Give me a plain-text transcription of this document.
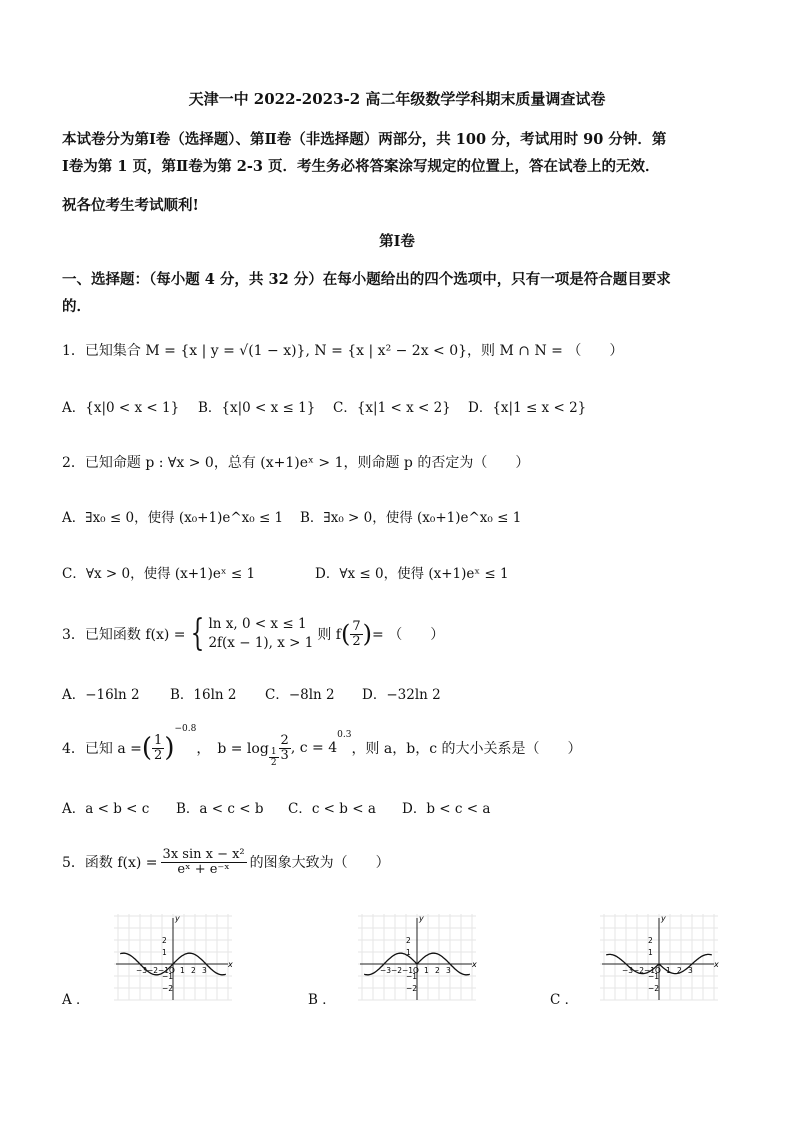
天津一中 2022-2023-2 高二年级数学学科期末质量调查试卷
本试卷分为第Ⅰ卷（选择题）、第Ⅱ卷（非选择题）两部分，共 100 分，考试用时 90 分钟．第
Ⅰ卷为第 1 页，第Ⅱ卷为第 2-3 页．考生务必将答案涂写规定的位置上，答在试卷上的无效．
祝各位考生考试顺利!
第Ⅰ卷
一、选择题：（每小题 4 分，共 32 分）在每小题给出的四个选项中，只有一项是符合题目要求
的．
1．已知集合 M = {x | y = √(1 − x)}, N = {x | x² − 2x < 0}，则 M ∩ N = （　　）
A．{x|0 < x < 1} B．{x|0 < x ≤ 1} C．{x|1 < x < 2} D．{x|1 ≤ x < 2}
2．已知命题 p : ∀x > 0，总有 (x+1)eˣ > 1，则命题 p 的否定为（　　）
A．∃x₀ ≤ 0，使得 (x₀+1)e^x₀ ≤ 1 B．∃x₀ > 0，使得 (x₀+1)e^x₀ ≤ 1
C．∀x > 0，使得 (x+1)eˣ ≤ 1	D．∀x ≤ 0，使得 (x+1)eˣ ≤ 1
3．已知函数 f(x) = { ln x, 0 < x ≤ 1
2f(x − 1), x > 1 则 f ( $\frac{7}{2}$ ) = （　　）
A．−16ln 2 B．16ln 2 C．−8ln 2 D．−32ln 2
4．已知 a = ( $\frac{1}{2}$ )
−0.8
，　$b = \log \frac{1}{2} \frac{2}{3}$ , c = 4
0.3
，则 a，b，c 的大小关系是（　　）
A．a < b < c B．a < c < b C．c < b < a D．b < c < a
5．函数 $f(x) = \frac{\text{3x sin x − x²}}{\text{eˣ + e⁻ˣ}}$ 的图象大致为（　　）
A ．	B ．	C ．
x
y
2
1
−1
−2
−3 −2 −1 O 1 2 3
x
y
2
1
−1
−2
−3 −2 −1 O 1 2 3
x
y
2
1
−1
−2
−3 −2 −1 O 1 2 3
